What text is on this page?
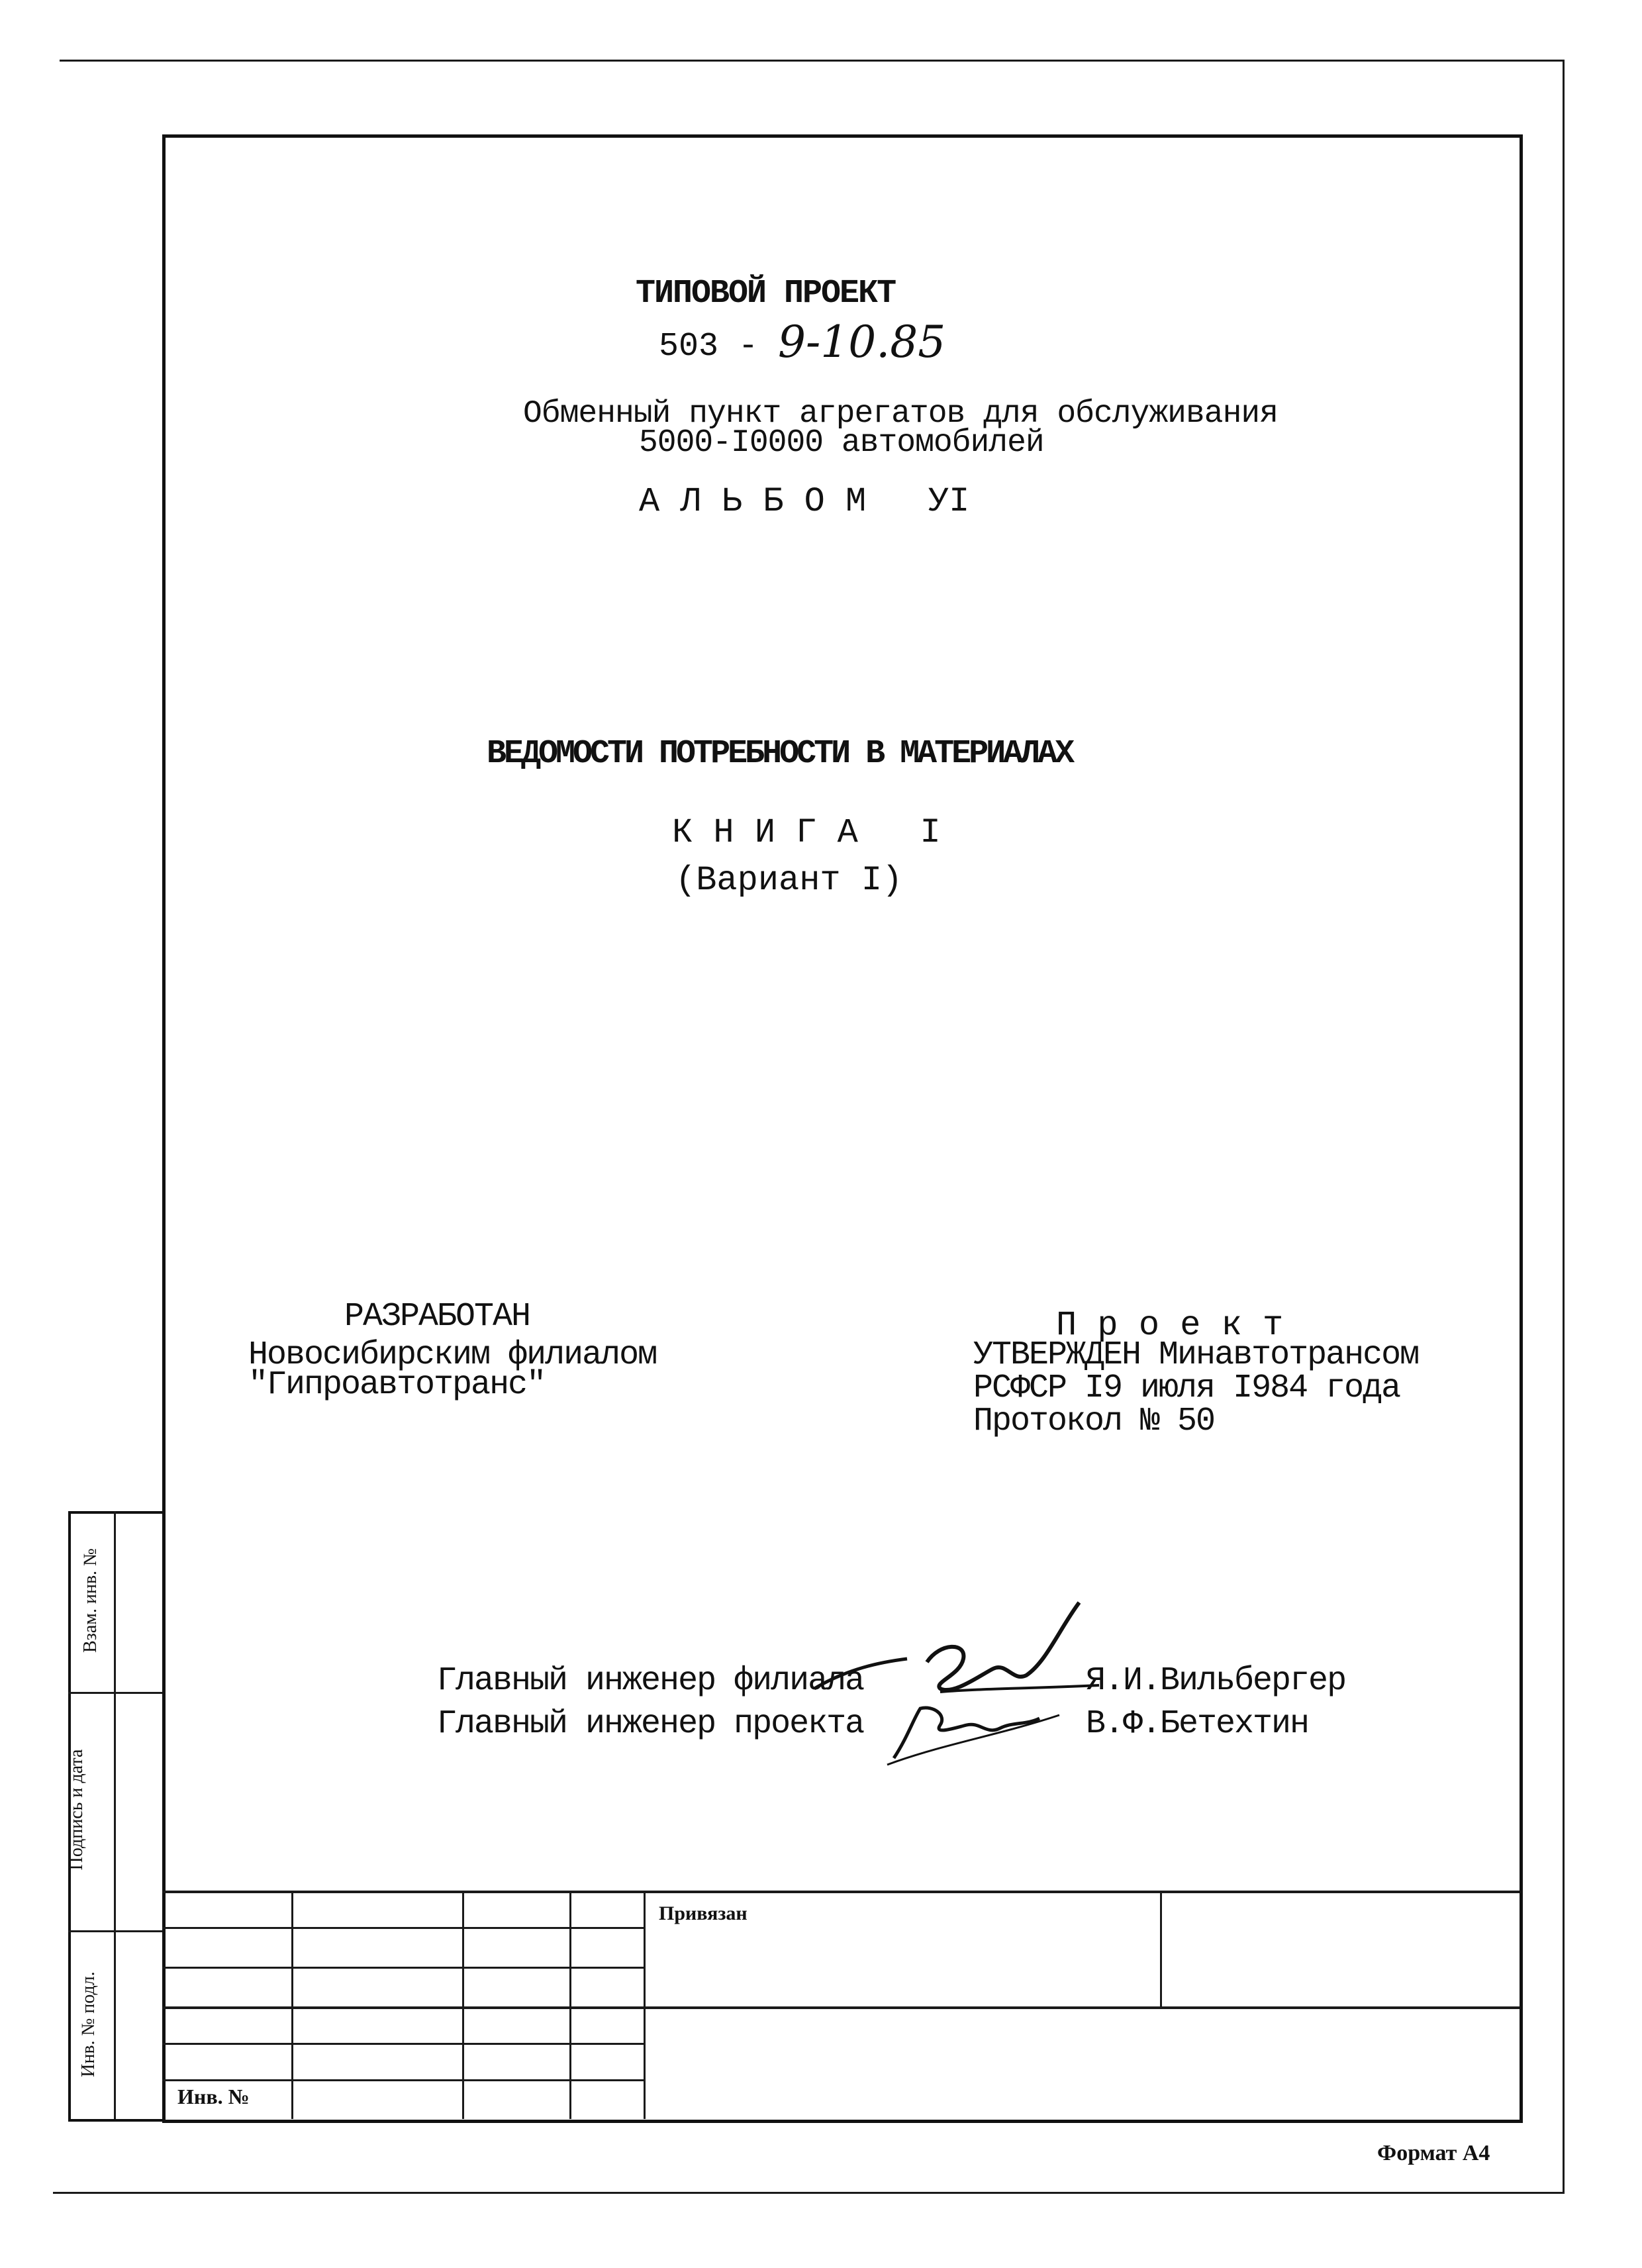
Взам. инв. №
Подпись и дата
Инв. № подл.
ТИПОВОЙ ПРОЕКТ
503 - 9-10.85
Обменный пункт агрегатов для обслуживания
5000-I0000 автомобилей
А Л Ь Б О М   УI
ВЕДОМОСТИ ПОТРЕБНОСТИ В МАТЕРИАЛАХ
К Н И Г А   I
(Вариант I)
РАЗРАБОТАН
Новосибирским филиалом
"Гипроавтотранс"
П р о е к т
УТВЕРЖДЕН Минавтотрансом
РСФСР I9 июля I984 года
Протокол № 50
Главный инженер филиала	Я.И.Вильбергер
Главный инженер проекта	В.Ф.Бетехтин
Привязан
Инв. №
Формат А4
